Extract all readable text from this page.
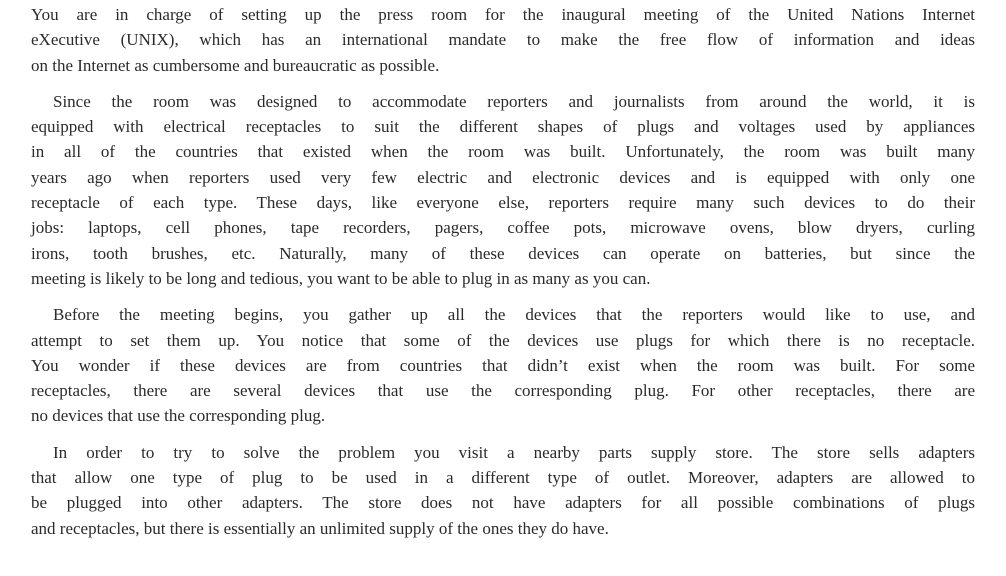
You are in charge of setting up the press room for the inaugural meeting of the United Nations Internet
eXecutive (UNIX), which has an international mandate to make the free flow of information and ideas
on the Internet as cumbersome and bureaucratic as possible.
Since the room was designed to accommodate reporters and journalists from around the world, it is
equipped with electrical receptacles to suit the different shapes of plugs and voltages used by appliances
in all of the countries that existed when the room was built. Unfortunately, the room was built many
years ago when reporters used very few electric and electronic devices and is equipped with only one
receptacle of each type. These days, like everyone else, reporters require many such devices to do their
jobs: laptops, cell phones, tape recorders, pagers, coffee pots, microwave ovens, blow dryers, curling
irons, tooth brushes, etc. Naturally, many of these devices can operate on batteries, but since the
meeting is likely to be long and tedious, you want to be able to plug in as many as you can.
Before the meeting begins, you gather up all the devices that the reporters would like to use, and
attempt to set them up. You notice that some of the devices use plugs for which there is no receptacle.
You wonder if these devices are from countries that didn’t exist when the room was built. For some
receptacles, there are several devices that use the corresponding plug. For other receptacles, there are
no devices that use the corresponding plug.
In order to try to solve the problem you visit a nearby parts supply store. The store sells adapters
that allow one type of plug to be used in a different type of outlet. Moreover, adapters are allowed to
be plugged into other adapters. The store does not have adapters for all possible combinations of plugs
and receptacles, but there is essentially an unlimited supply of the ones they do have.
